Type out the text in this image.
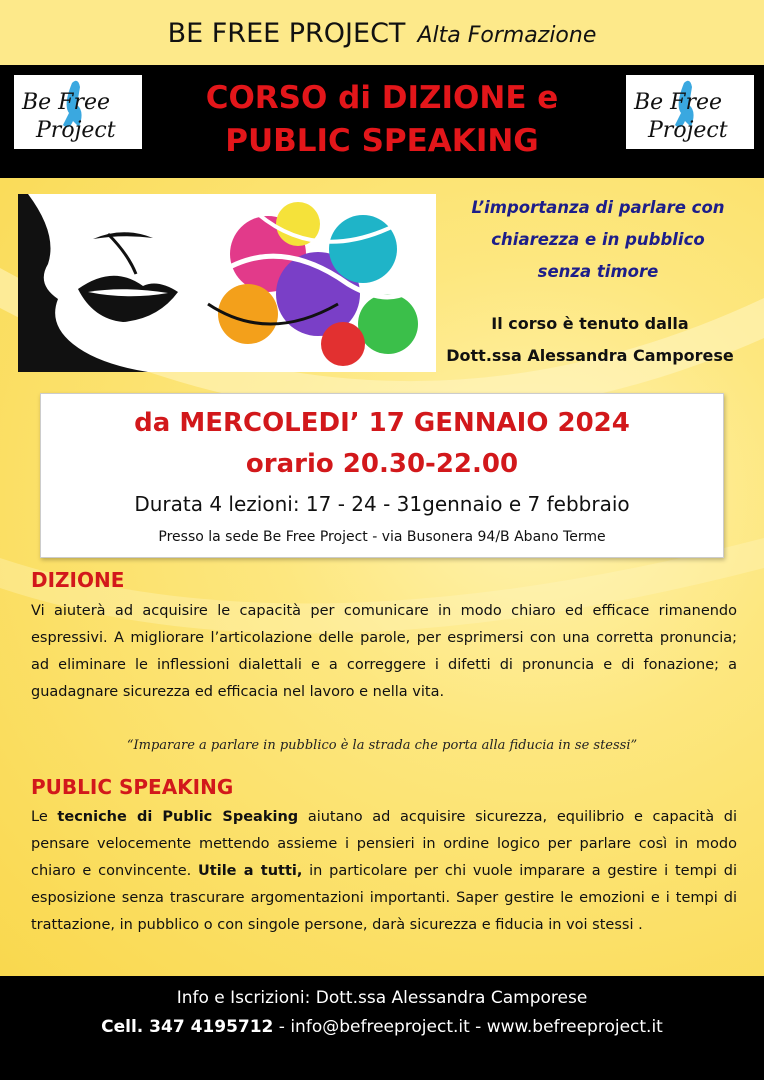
BE FREE PROJECT Alta Formazione
Be Free
Project
CORSO di DIZIONE e
PUBLIC SPEAKING
Be Free
Project
L’importanza di parlare con
chiarezza e in pubblico
senza timore
Il corso è tenuto dalla
Dott.ssa Alessandra Camporese
da MERCOLEDI’ 17 GENNAIO 2024
orario 20.30-22.00
Durata 4 lezioni: 17 - 24 - 31gennaio e 7 febbraio
Presso la sede Be Free Project - via Busonera 94/B Abano Terme
DIZIONE
Vi aiuterà ad acquisire le capacità per comunicare in modo chiaro ed efficace rimanendo espressivi. A migliorare l’articolazione delle parole, per esprimersi con una corretta pronuncia; ad eliminare le inflessioni dialettali e a correggere i difetti di pronuncia e di fonazione; a guadagnare sicurezza ed efficacia nel lavoro e nella vita.
“Imparare a parlare in pubblico è la strada che porta alla fiducia in se stessi”
PUBLIC SPEAKING
Le tecniche di Public Speaking aiutano ad acquisire sicurezza, equilibrio e capacità di pensare velocemente mettendo assieme i pensieri in ordine logico per parlare così in modo chiaro e convincente. Utile a tutti, in particolare per chi vuole imparare a gestire i tempi di esposizione senza trascurare argomentazioni importanti. Saper gestire le emozioni e i tempi di trattazione, in pubblico o con singole persone, darà sicurezza e fiducia in voi stessi .
Info e Iscrizioni: Dott.ssa Alessandra Camporese
Cell. 347 4195712 - info@befreeproject.it - www.befreeproject.it
